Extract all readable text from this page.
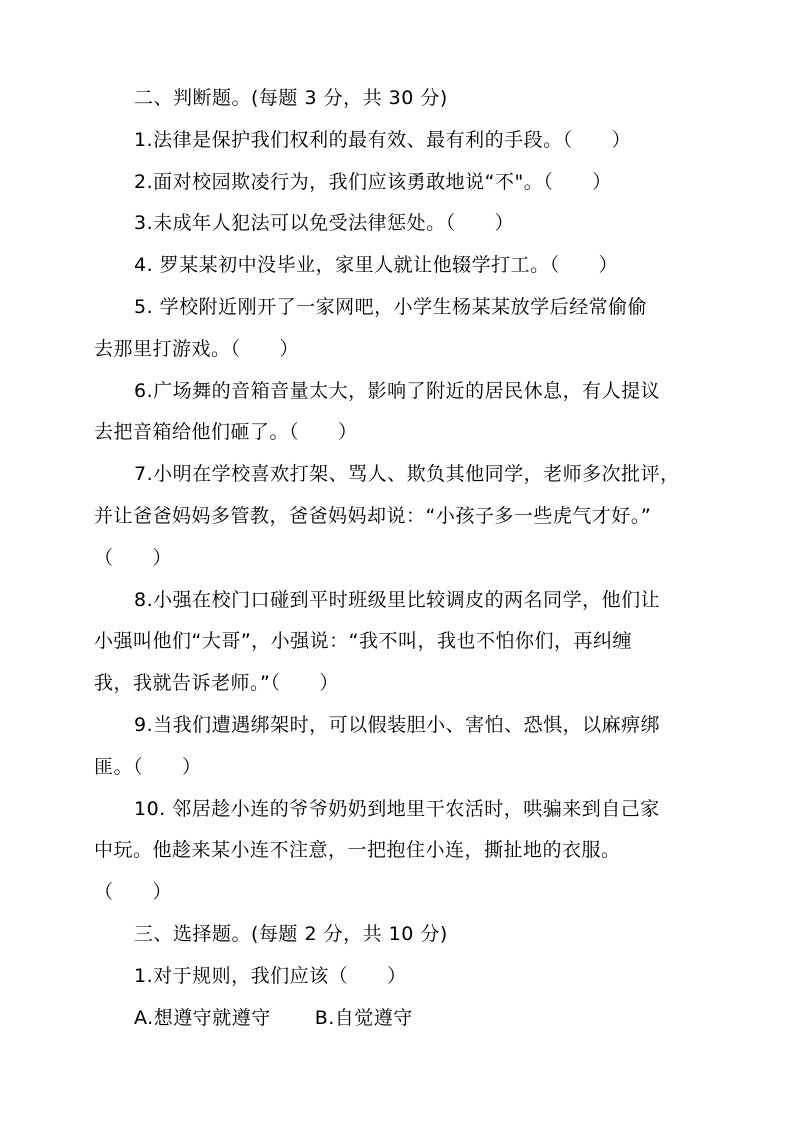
二、判断题。(每题 3 分，共 30 分)
1.法律是保护我们权利的最有效、最有利的手段。（　　）
2.面对校园欺凌行为，我们应该勇敢地说“不"。（　　）
3.未成年人犯法可以免受法律惩处。（　　）
4. 罗某某初中没毕业，家里人就让他辍学打工。（　　）
5. 学校附近刚开了一家网吧，小学生杨某某放学后经常偷偷
去那里打游戏。（　　）
6.广场舞的音箱音量太大，影响了附近的居民休息，有人提议
去把音箱给他们砸了。（　　）
7.小明在学校喜欢打架、骂人、欺负其他同学，老师多次批评，
并让爸爸妈妈多管教，爸爸妈妈却说：“小孩子多一些虎气才好。”
（　　）
8.小强在校门口碰到平时班级里比较调皮的两名同学，他们让
小强叫他们“大哥”，小强说：“我不叫，我也不怕你们，再纠缠
我，我就告诉老师。”（　　）
9.当我们遭遇绑架时，可以假装胆小、害怕、恐惧，以麻痹绑
匪。（　　）
10. 邻居趁小连的爷爷奶奶到地里干农活时，哄骗来到自己家
中玩。他趁来某小连不注意，一把抱住小连，撕扯地的衣服。
（　　）
三、选择题。(每题 2 分，共 10 分)
1.对于规则，我们应该（　　）
A.想遵守就遵守 B.自觉遵守
